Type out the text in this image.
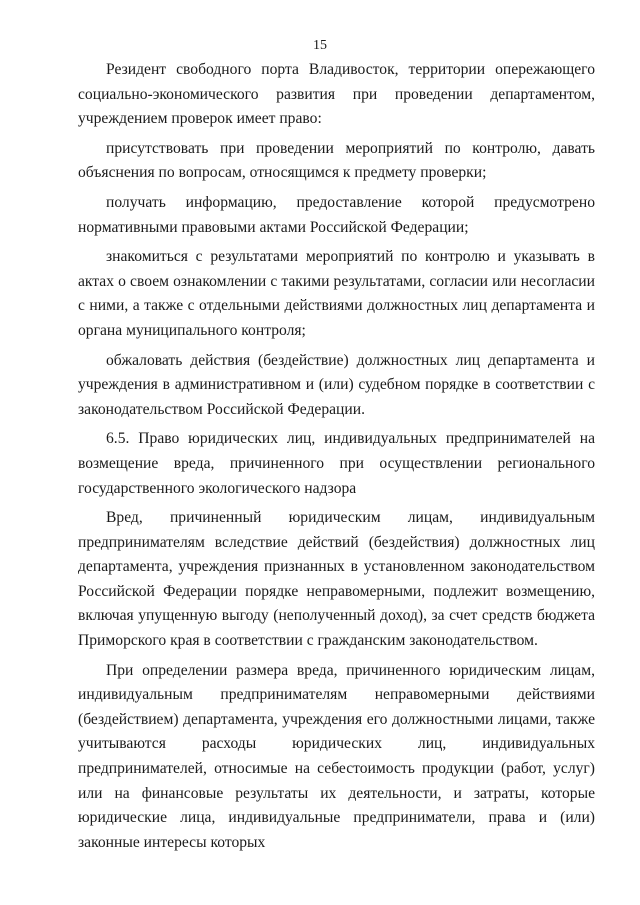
15

Резидент свободного порта Владивосток, территории опережающего социально-экономического развития при проведении департаментом, учреждением проверок имеет право:

присутствовать при проведении мероприятий по контролю, давать объяснения по вопросам, относящимся к предмету проверки;

получать информацию, предоставление которой предусмотрено нормативными правовыми актами Российской Федерации;

знакомиться с результатами мероприятий по контролю и указывать в актах о своем ознакомлении с такими результатами, согласии или несогласии с ними, а также с отдельными действиями должностных лиц департамента и органа муниципального контроля;

обжаловать действия (бездействие) должностных лиц департамента и учреждения в административном и (или) судебном порядке в соответствии с законодательством Российской Федерации.

6.5. Право юридических лиц, индивидуальных предпринимателей на возмещение вреда, причиненного при осуществлении регионального государственного экологического надзора

Вред, причиненный юридическим лицам, индивидуальным предпринимателям вследствие действий (бездействия) должностных лиц департамента, учреждения признанных в установленном законодательством Российской Федерации порядке неправомерными, подлежит возмещению, включая упущенную выгоду (неполученный доход), за счет средств бюджета Приморского края в соответствии с гражданским законодательством.

При определении размера вреда, причиненного юридическим лицам, индивидуальным предпринимателям неправомерными действиями (бездействием) департамента, учреждения его должностными лицами, также учитываются расходы юридических лиц, индивидуальных предпринимателей, относимые на себестоимость продукции (работ, услуг) или на финансовые результаты их деятельности, и затраты, которые юридические лица, индивидуальные предприниматели, права и (или) законные интересы которых
